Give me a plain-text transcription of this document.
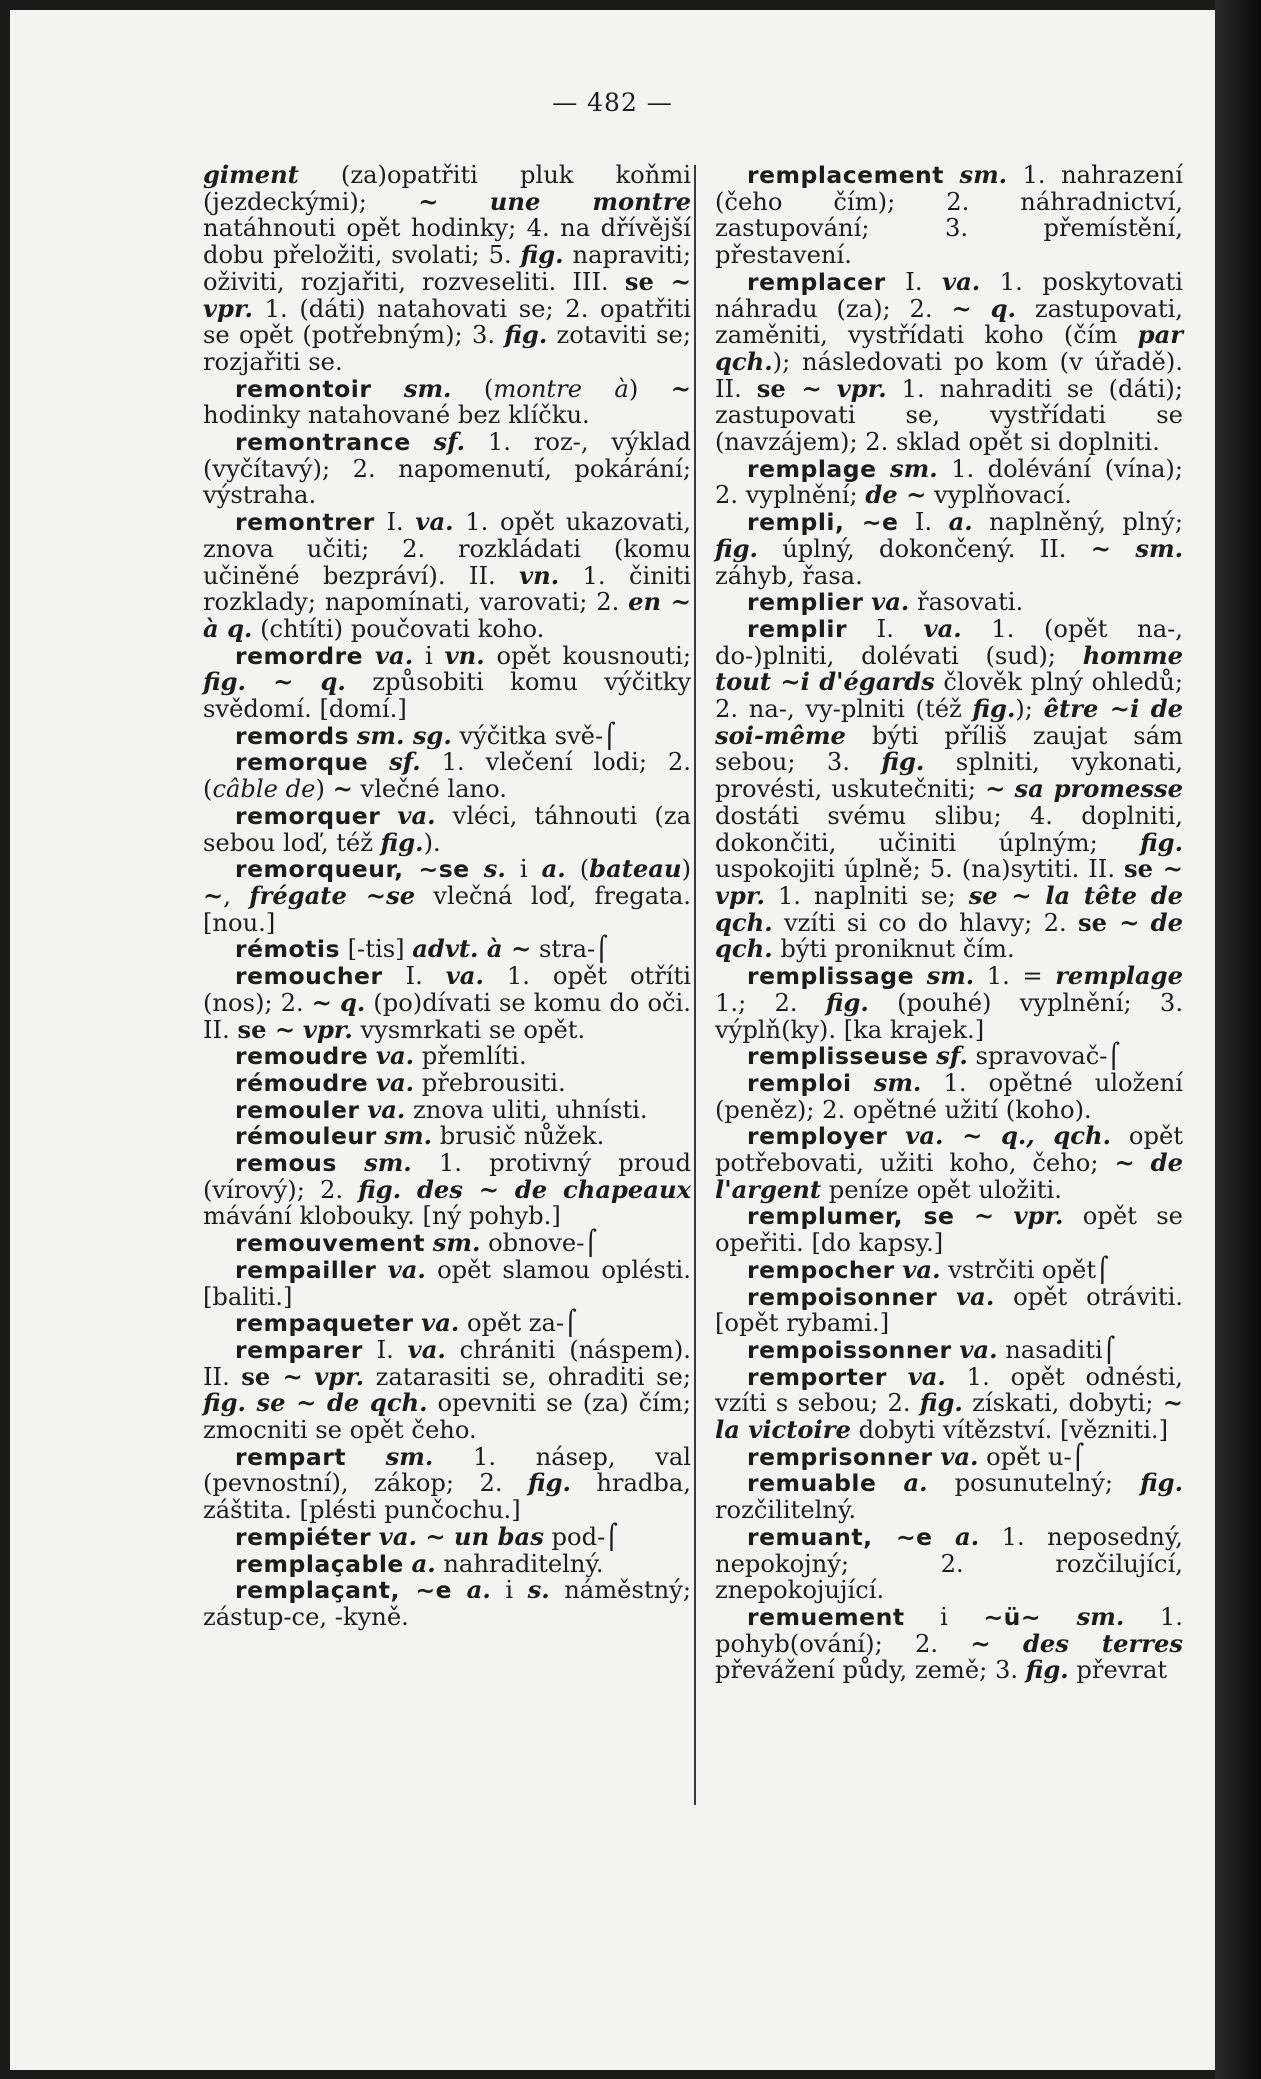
— 482 —

giment (za)opatřiti pluk koňmi (jezdeckými); ~ une montre natáhnouti opět hodinky; 4. na dřívější dobu přeložiti, svolati; 5. fig. napraviti; oživiti, rozjařiti, rozveseliti. III. se ~ vpr. 1. (dáti) natahovati se; 2. opatřiti se opět (potřebným); 3. fig. zotaviti se; rozjařiti se.

remontoir sm. (montre à) ~ hodinky natahované bez klíčku.

remontrance sf. 1. roz-, výklad (vyčítavý); 2. napomenutí, pokárání; výstraha.

remontrer I. va. 1. opět ukazovati, znova učiti; 2. rozkládati (komu učiněné bezpráví). II. vn. 1. činiti rozklady; napomínati, varovati; 2. en ~ à q. (chtíti) poučovati koho.

remordre va. i vn. opět kousnouti; fig. ~ q. způsobiti komu výčitky svědomí. [domí.]

remords sm. sg. výčitka svě-⌠

remorque sf. 1. vlečení lodi; 2. (câble de) ~ vlečné lano.

remorquer va. vléci, táhnouti (za sebou loď, též fig.).

remorqueur, ~se s. i a. (bateau) ~, frégate ~se vlečná loď, fregata. [nou.]

rémotis [-tis] advt. à ~ stra-⌠

remoucher I. va. 1. opět otříti (nos); 2. ~ q. (po)dívati se komu do oči. II. se ~ vpr. vysmrkati se opět.

remoudre va. přemlíti.

rémoudre va. přebrousiti.

remouler va. znova uliti, uhnísti.

rémouleur sm. brusič nůžek.

remous sm. 1. protivný proud (vírový); 2. fig. des ~ de chapeaux mávání klobouky. [ný pohyb.]

remouvement sm. obnove-⌠

rempailler va. opět slamou oplésti. [baliti.]

rempaqueter va. opět za-⌠

remparer I. va. chrániti (náspem). II. se ~ vpr. zatarasiti se, ohraditi se; fig. se ~ de qch. opevniti se (za) čím; zmocniti se opět čeho.

rempart sm. 1. násep, val (pevnostní), zákop; 2. fig. hradba, záštita. [plésti punčochu.]

rempiéter va. ~ un bas pod-⌠

remplaçable a. nahraditelný.

remplaçant, ~e a. i s. náměstný; zástup-ce, -kyně.

remplacement sm. 1. nahrazení (čeho čím); 2. náhradnictví, zastupování; 3. přemístění, přestavení.

remplacer I. va. 1. poskytovati náhradu (za); 2. ~ q. zastupovati, zaměniti, vystřídati koho (čím par qch.); následovati po kom (v úřadě). II. se ~ vpr. 1. nahraditi se (dáti); zastupovati se, vystřídati se (navzájem); 2. sklad opět si doplniti.

remplage sm. 1. dolévání (vína); 2. vyplnění; de ~ vyplňovací.

rempli, ~e I. a. naplněný, plný; fig. úplný, dokončený. II. ~ sm. záhyb, řasa.

remplier va. řasovati.

remplir I. va. 1. (opět na-, do-)plniti, dolévati (sud); homme tout ~i d'égards člověk plný ohledů; 2. na-, vy-plniti (též fig.); être ~i de soi-même býti příliš zaujat sám sebou; 3. fig. splniti, vykonati, provésti, uskutečniti; ~ sa promesse dostáti svému slibu; 4. doplniti, dokončiti, učiniti úplným; fig. uspokojiti úplně; 5. (na)sytiti. II. se ~ vpr. 1. naplniti se; se ~ la tête de qch. vzíti si co do hlavy; 2. se ~ de qch. býti proniknut čím.

remplissage sm. 1. = remplage 1.; 2. fig. (pouhé) vyplnění; 3. výplň(ky). [ka krajek.]

remplisseuse sf. spravovač-⌠

remploi sm. 1. opětné uložení (peněz); 2. opětné užití (koho).

remployer va. ~ q., qch. opět potřebovati, užiti koho, čeho; ~ de l'argent peníze opět uložiti.

remplumer, se ~ vpr. opět se opeřiti. [do kapsy.]

rempocher va. vstrčiti opět⌠

rempoisonner va. opět otráviti. [opět rybami.]

rempoissonner va. nasaditi⌠

remporter va. 1. opět odnésti, vzíti s sebou; 2. fig. získati, dobyti; ~ la victoire dobyti vítězství. [vězniti.]

remprisonner va. opět u-⌠

remuable a. posunutelný; fig. rozčilitelný.

remuant, ~e a. 1. neposedný, nepokojný; 2. rozčilující, znepokojující.

remuement i ~ü~ sm. 1. pohyb(ování); 2. ~ des terres převážení půdy, země; 3. fig. převrat
